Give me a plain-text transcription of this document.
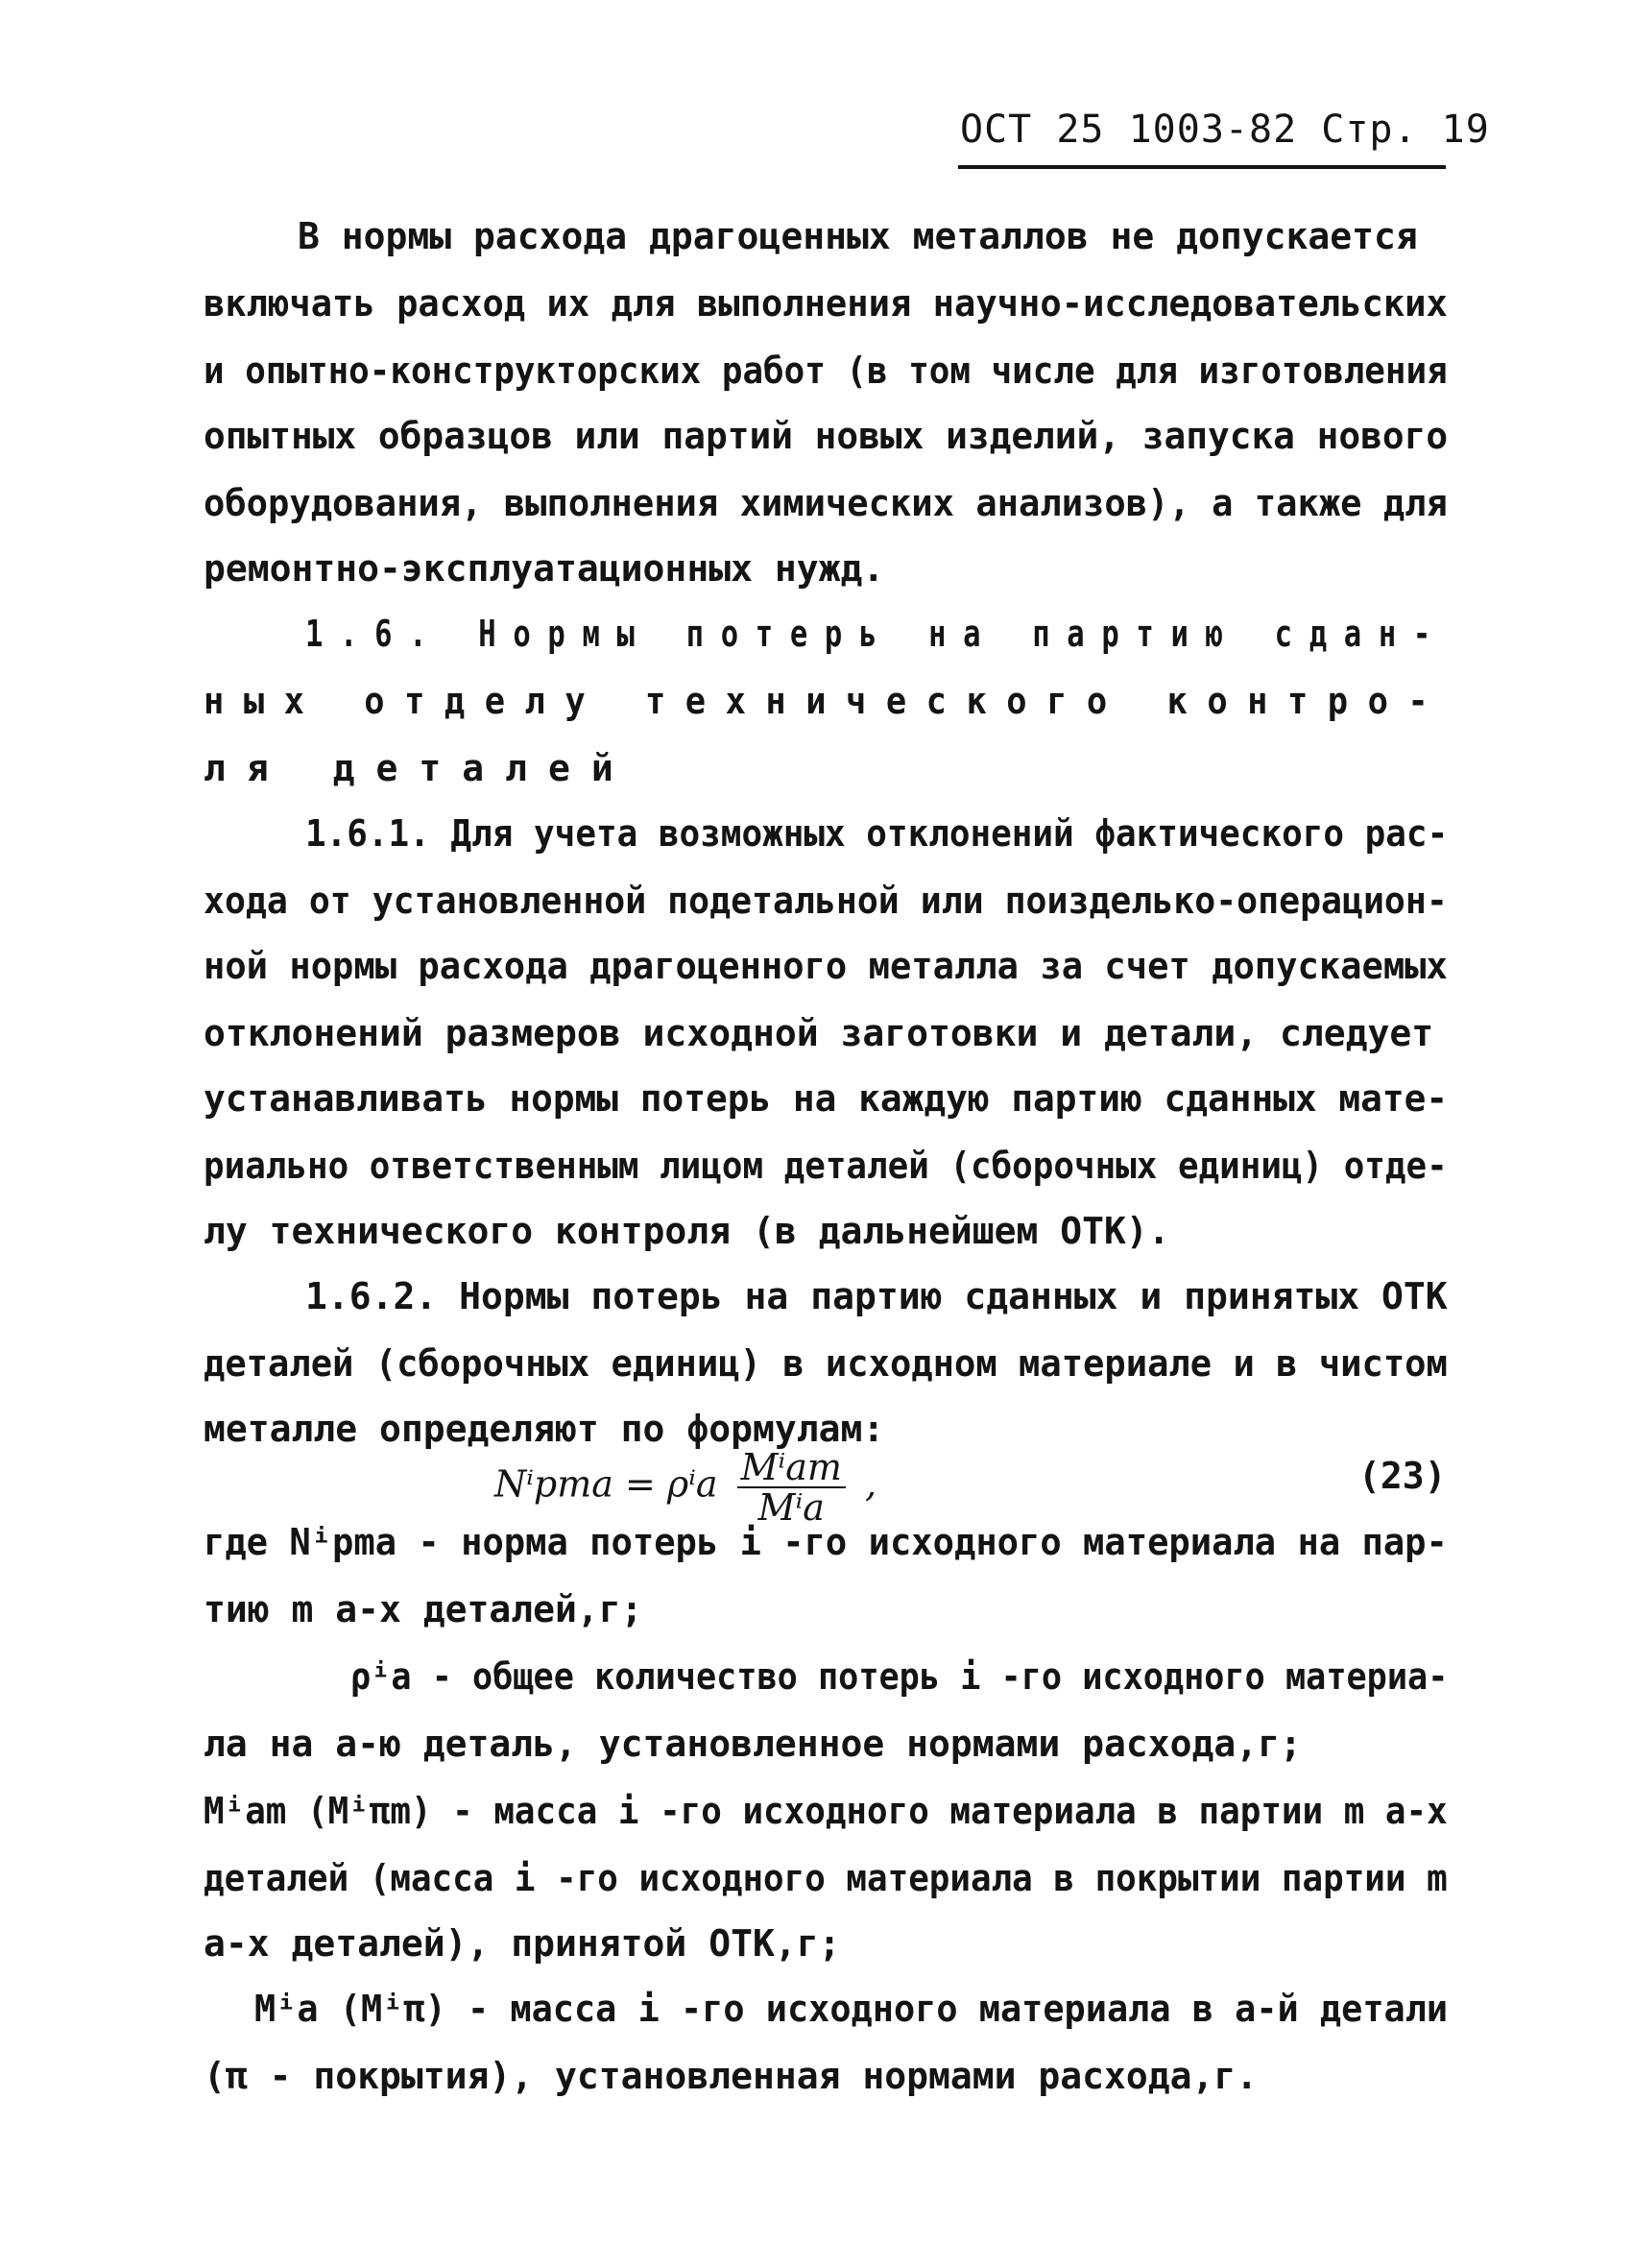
ОСТ 25 1003-82 Стр. 19
В нормы расхода драгоценных металлов не допускается
включать расход их для выполнения научно-исследовательских
и опытно-конструкторских работ (в том числе для изготовления
опытных образцов или партий новых изделий, запуска нового
оборудования, выполнения химических анализов), а также для
ремонтно-эксплуатационных нужд.
1.6. Нормы потерь на партию сдан-
ных отделу технического контро-
ля деталей
1.6.1. Для учета возможных отклонений фактического рас-
хода от установленной подетальной или поизделько-операцион-
ной нормы расхода драгоценного металла за счет допускаемых
отклонений размеров исходной заготовки и детали, следует
устанавливать нормы потерь на каждую партию сданных мате-
риально ответственным лицом деталей (сборочных единиц) отде-
лу технического контроля (в дальнейшем ОТК).
1.6.2. Нормы потерь на партию сданных и принятых ОТК
деталей (сборочных единиц) в исходном материале и в чистом
металле определяют по формулам:
Nⁱpma = ρⁱa $\frac{\text{Mⁱam}}{\text{Mⁱa}}$ ,	(23)
где Nⁱpma - норма потерь i -го исходного материала на пар-
тию m a-х деталей,г;
ρⁱa - общее количество потерь i -го исходного материа-
ла на a-ю деталь, установленное нормами расхода,г;
Mⁱam (Mⁱπm) - масса i -го исходного материала в партии m a-х
деталей (масса i -го исходного материала в покрытии партии m
a-х деталей), принятой ОТК,г;
Mⁱa (Mⁱπ) - масса i -го исходного материала в a-й детали
(π - покрытия), установленная нормами расхода,г.
